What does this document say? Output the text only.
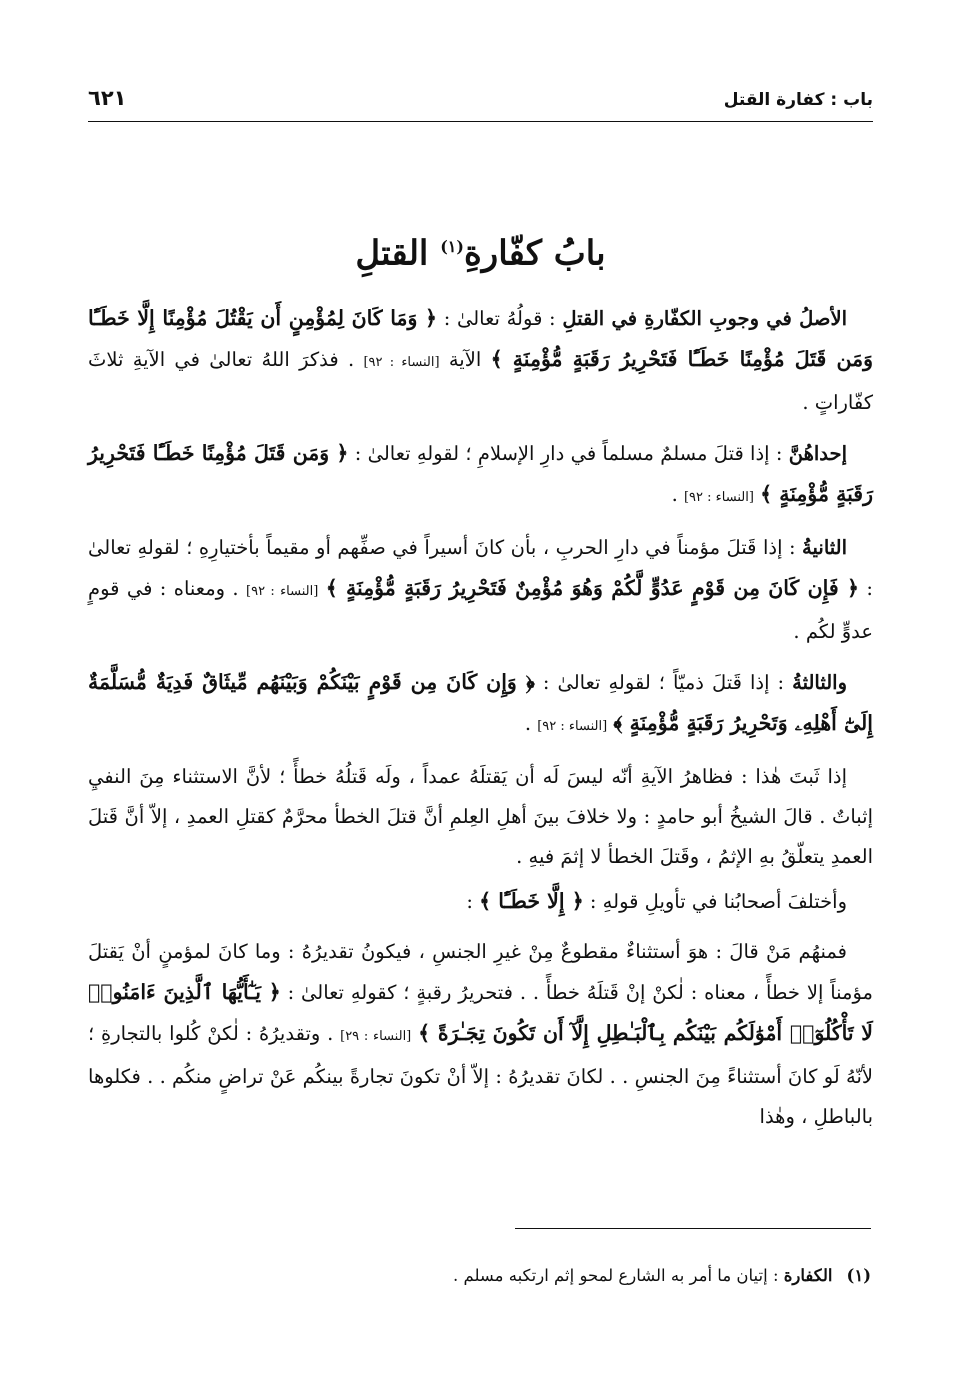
باب : كفارة القتل
٦٢١
بابُ كفّارةِ$^{(١)}$ القتلِ

الأصلُ في وجوبِ الكفّارةِ في القتلِ : قولُهُ تعالىٰ : ﴿ وَمَا كَانَ لِمُؤْمِنٍ أَن يَقْتُلَ مُؤْمِنًا إِلَّا خَطَـًٔا وَمَن قَتَلَ مُؤْمِنًا خَطَـًٔا فَتَحْرِيرُ رَقَبَةٍ مُّؤْمِنَةٍ ﴾ الآية [النساء : ٩٢] . فذكرَ اللهُ تعالىٰ في الآيةِ ثلاثَ كفّاراتٍ .

إحداهُنَّ : إذا قتلَ مسلمٌ مسلماً في دارِ الإسلامِ ؛ لقولهِ تعالىٰ : ﴿ وَمَن قَتَلَ مُؤْمِنًا خَطَـًٔا فَتَحْرِيرُ رَقَبَةٍ مُّؤْمِنَةٍ ﴾ [النساء : ٩٢] .

الثانيةُ : إذا قَتلَ مؤمناً في دارِ الحربِ ، بأن كانَ أسيراً في صفِّهم أو مقيماً بأختيارِهِ ؛ لقولهِ تعالىٰ : ﴿ فَإِن كَانَ مِن قَوْمٍ عَدُوٍّ لَّكُمْ وَهُوَ مُؤْمِنٌ فَتَحْرِيرُ رَقَبَةٍ مُّؤْمِنَةٍ ﴾ [النساء : ٩٢] . ومعناه : في قومٍ عدوٍّ لكُم .

والثالثةُ : إذا قَتلَ ذميّاً ؛ لقولهِ تعالىٰ : ﴿ وَإِن كَانَ مِن قَوْمٍ بَيْنَكُمْ وَبَيْنَهُم مِّيثَاقٌ فَدِيَةٌ مُّسَلَّمَةٌ إِلَىٰٓ أَهْلِهِۦ وَتَحْرِيرُ رَقَبَةٍ مُّؤْمِنَةٍ ﴾ [النساء : ٩٢] .

إذا ثَبتَ هٰذا : فظاهرُ الآيةِ أنّه ليسَ لَه أن يَقتلَهُ عمداً ، ولَه قَتلُهُ خطأً ؛ لأنَّ الاستثناء مِنَ النفيِ إثباتٌ . قالَ الشيخُ أبو حامدٍ : ولا خلافَ بينَ أهلِ العِلمِ أنَّ قتلَ الخطأ محرَّمٌ كقتلِ العمدِ ، إلاّ أنَّ قَتلَ العمدِ يتعلّقُ بهِ الإثمُ ، وقَتلَ الخطأ لا إثمَ فيهِ .

وأختلفَ أصحابُنا في تأويلِ قولهِ : ﴿ إِلَّا خَطَـًٔا ﴾ :

فمنهُم مَنْ قالَ : هوَ أستثناءٌ مقطوعٌ مِنْ غيرِ الجنسِ ، فيكونُ تقديرُهُ : وما كانَ لمؤمنٍ أنْ يَقتلَ مؤمناً إلا خطأً ، معناه : لٰكنْ إنْ قَتلَهُ خطأً . . فتحريرُ رقبةٍ ؛ كقولهِ تعالىٰ : ﴿ يَـٰٓأَيُّهَا ٱلَّذِينَ ءَامَنُوا۟ لَا تَأْكُلُوٓا۟ أَمْوَٰلَكُم بَيْنَكُم بِٱلْبَـٰطِلِ إِلَّآ أَن تَكُونَ تِجَـٰرَةً ﴾ [النساء : ٢٩] . وتقديرُهُ : لٰكنْ كُلوا بالتجارةِ ؛ لأنّهُ لَو كانَ أستثناءً مِنَ الجنسِ . . لكانَ تقديرُهُ : إلاّ أنْ تكونَ تجارةً بينكُم عَنْ تراضٍ منكُم . . فكلوها بالباطلِ ، وهٰذا

(١)الكفارة : إتيان ما أمر به الشارع لمحو إثم ارتكبه مسلم .
